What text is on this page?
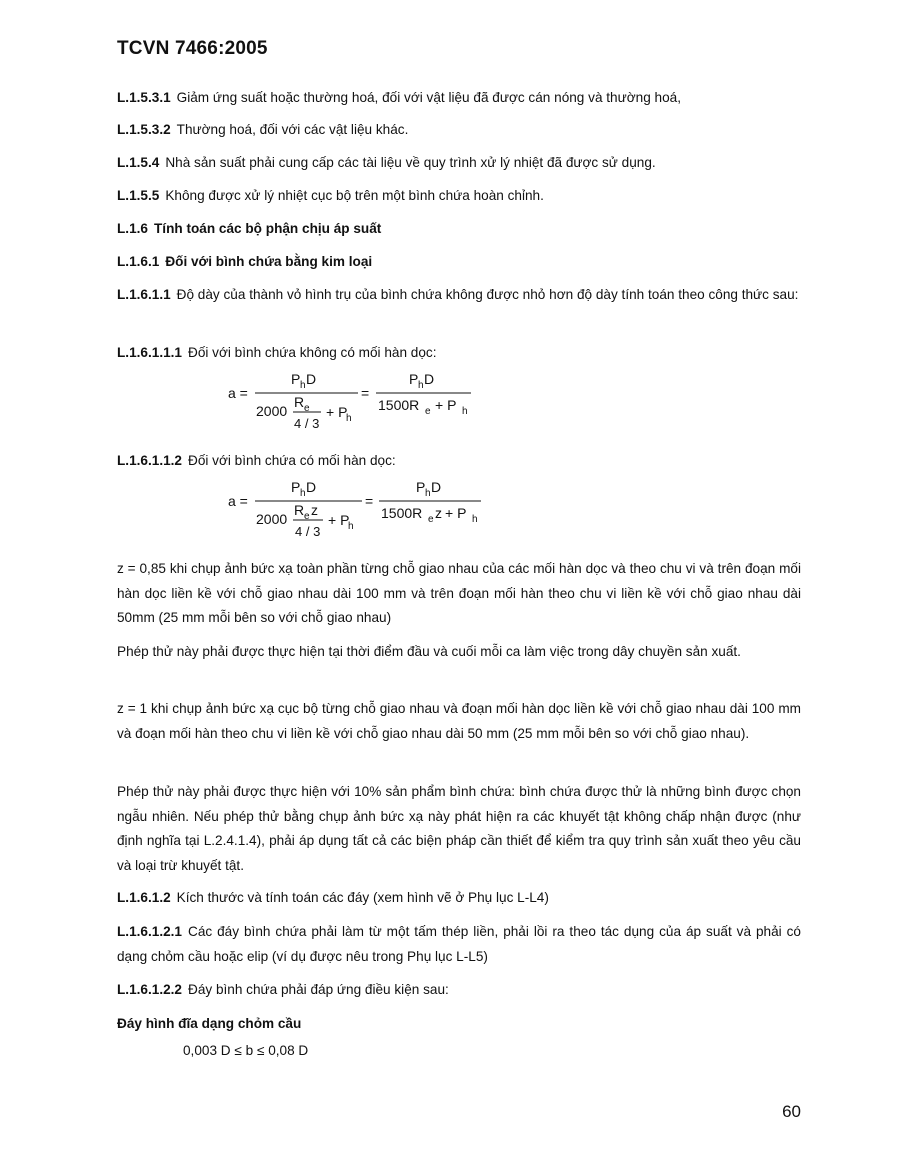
TCVN 7466:2005

L.1.5.3.1 Giảm ứng suất hoặc thường hoá, đối với vật liệu đã được cán nóng và thường hoá,

L.1.5.3.2 Thường hoá, đối với các vật liệu khác.

L.1.5.4 Nhà sản suất phải cung cấp các tài liệu về quy trình xử lý nhiệt đã được sử dụng.

L.1.5.5 Không được xử lý nhiệt cục bộ trên một bình chứa hoàn chỉnh.

L.1.6 Tính toán các bộ phận chịu áp suất

L.1.6.1 Đối với bình chứa bằng kim loại

L.1.6.1.1 Độ dày của thành vỏ hình trụ của bình chứa không được nhỏ hơn độ dày tính toán theo công thức sau:

L.1.6.1.1.1 Đối với bình chứa không có mối hàn dọc:

a =
P h D
2000
R e
4 / 3
+ P
h
=
P h D
1500R e + P h

L.1.6.1.1.2 Đối với bình chứa có mối hàn dọc:

a =
P h D
2000
R e z
4 / 3
+ P
h
=
P h D
1500R e z + P h

z = 0,85 khi chụp ảnh bức xạ toàn phần từng chỗ giao nhau của các mối hàn dọc và theo chu vi và trên đoạn mối hàn dọc liền kề với chỗ giao nhau dài 100 mm và trên đoạn mối hàn theo chu vi liền kề với chỗ giao nhau dài 50mm (25 mm mỗi bên so với chỗ giao nhau)

Phép thử này phải được thực hiện tại thời điểm đầu và cuối mỗi ca làm việc trong dây chuyền sản xuất.

z = 1 khi chụp ảnh bức xạ cục bộ từng chỗ giao nhau và đoạn mối hàn dọc liền kề với chỗ giao nhau dài 100 mm và đoạn mối hàn theo chu vi liền kề với chỗ giao nhau dài 50 mm (25 mm mỗi bên so với chỗ giao nhau).

Phép thử này phải được thực hiện với 10% sản phẩm bình chứa: bình chứa được thử là những bình được chọn ngẫu nhiên. Nếu phép thử bằng chụp ảnh bức xạ này phát hiện ra các khuyết tật không chấp nhận được (như định nghĩa tại L.2.4.1.4), phải áp dụng tất cả các biện pháp cần thiết để kiểm tra quy trình sản xuất theo yêu cầu và loại trừ khuyết tật.

L.1.6.1.2 Kích thước và tính toán các đáy (xem hình vẽ ở Phụ lục L-L4)

L.1.6.1.2.1 Các đáy bình chứa phải làm từ một tấm thép liền, phải lồi ra theo tác dụng của áp suất và phải có dạng chỏm cầu hoặc elip (ví dụ được nêu trong Phụ lục L-L5)

L.1.6.1.2.2 Đáy bình chứa phải đáp ứng điều kiện sau:

Đáy hình đĩa dạng chỏm cầu

0,003 D ≤ b ≤ 0,08 D
60
